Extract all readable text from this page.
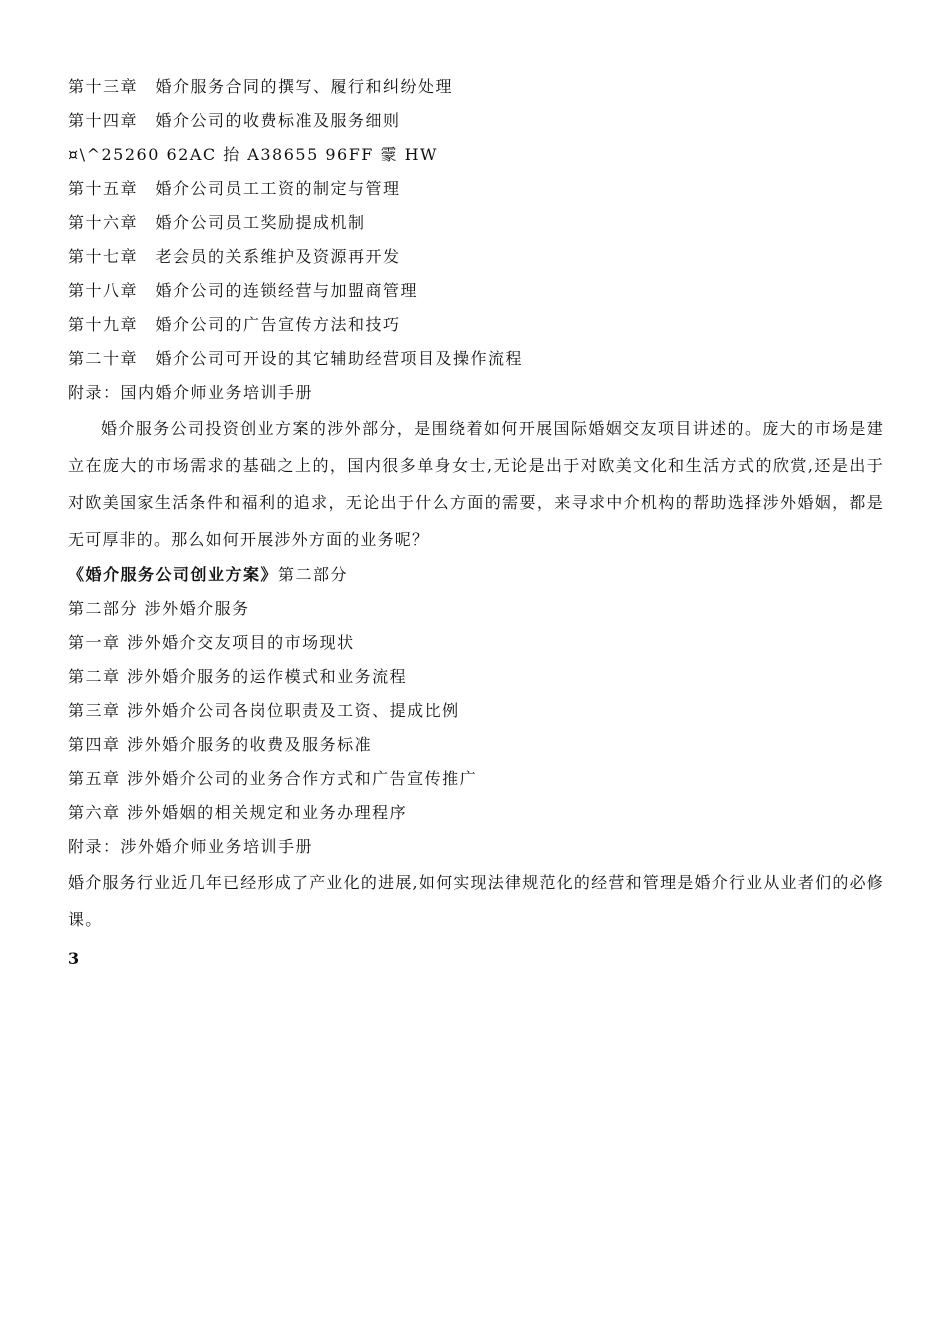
第十三章　婚介服务合同的撰写、履行和纠纷处理
第十四章　婚介公司的收费标准及服务细则
¤\^25260 62AC 抬 A38655 96FF 霥 HW
第十五章　婚介公司员工工资的制定与管理
第十六章　婚介公司员工奖励提成机制
第十七章　老会员的关系维护及资源再开发
第十八章　婚介公司的连锁经营与加盟商管理
第十九章　婚介公司的广告宣传方法和技巧
第二十章　婚介公司可开设的其它辅助经营项目及操作流程
附录：国内婚介师业务培训手册

婚介服务公司投资创业方案的涉外部分，是围绕着如何开展国际婚姻交友项目讲述的。庞大的市场是建立在庞大的市场需求的基础之上的，国内很多单身女士,无论是出于对欧美文化和生活方式的欣赏,还是出于对欧美国家生活条件和福利的追求，无论出于什么方面的需要，来寻求中介机构的帮助选择涉外婚姻，都是无可厚非的。那么如何开展涉外方面的业务呢？

《婚介服务公司创业方案》第二部分
第二部分 涉外婚介服务
第一章 涉外婚介交友项目的市场现状
第二章 涉外婚介服务的运作模式和业务流程
第三章 涉外婚介公司各岗位职责及工资、提成比例
第四章 涉外婚介服务的收费及服务标准
第五章 涉外婚介公司的业务合作方式和广告宣传推广
第六章 涉外婚姻的相关规定和业务办理程序
附录：涉外婚介师业务培训手册

婚介服务行业近几年已经形成了产业化的进展,如何实现法律规范化的经营和管理是婚介行业从业者们的必修课。

3
